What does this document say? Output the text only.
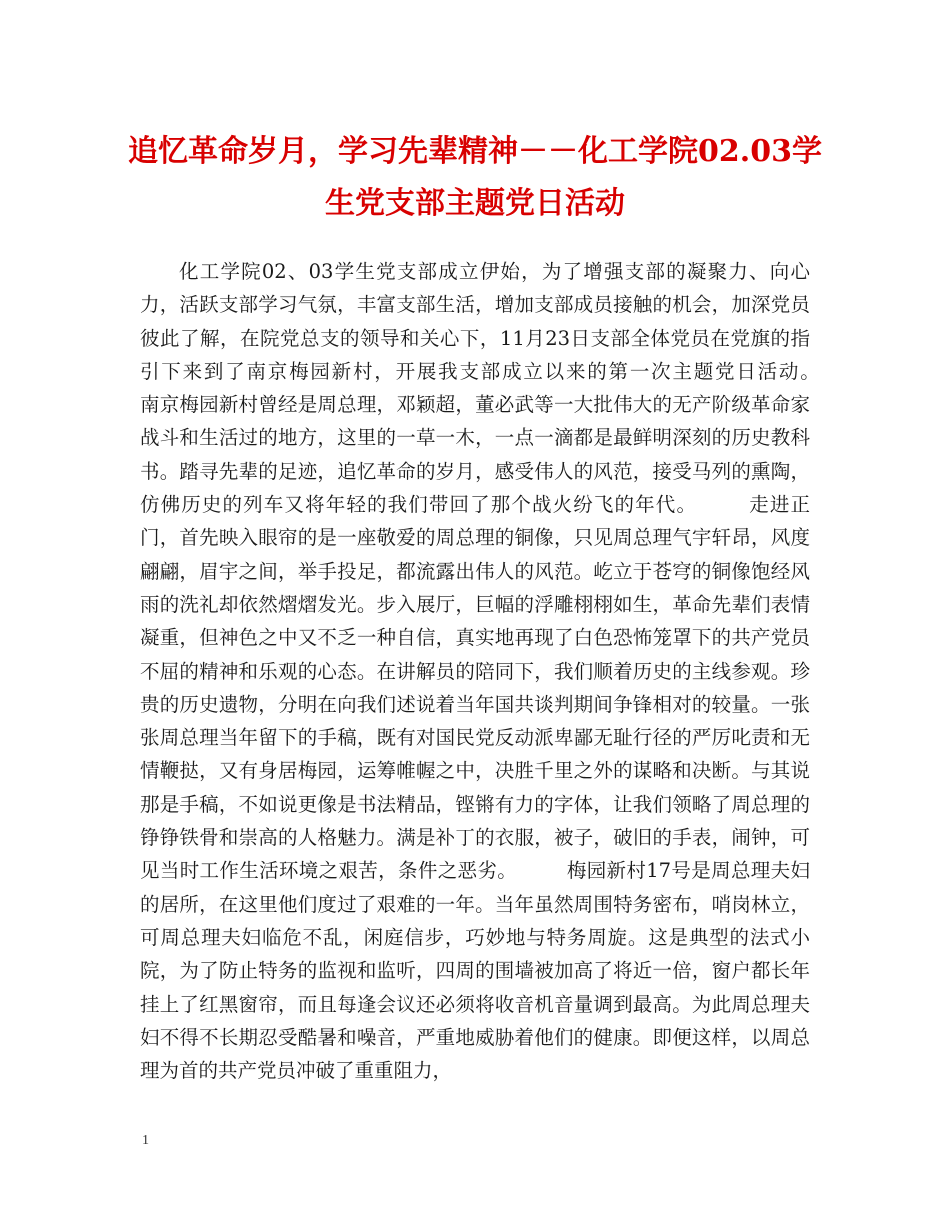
追忆革命岁月，学习先辈精神－－化工学院02.03学生党支部主题党日活动

化工学院02、03学生党支部成立伊始，为了增强支部的凝聚力、向心力，活跃支部学习气氛，丰富支部生活，增加支部成员接触的机会，加深党员彼此了解，在院党总支的领导和关心下，11月23日支部全体党员在党旗的指引下来到了南京梅园新村，开展我支部成立以来的第一次主题党日活动。　　　南京梅园新村曾经是周总理，邓颖超，董必武等一大批伟大的无产阶级革命家战斗和生活过的地方，这里的一草一木，一点一滴都是最鲜明深刻的历史教科书。踏寻先辈的足迹，追忆革命的岁月，感受伟人的风范，接受马列的熏陶，仿佛历史的列车又将年轻的我们带回了那个战火纷飞的年代。　　　走进正门，首先映入眼帘的是一座敬爱的周总理的铜像，只见周总理气宇轩昂，风度翩翩，眉宇之间，举手投足，都流露出伟人的风范。屹立于苍穹的铜像饱经风雨的洗礼却依然熠熠发光。步入展厅，巨幅的浮雕栩栩如生，革命先辈们表情凝重，但神色之中又不乏一种自信，真实地再现了白色恐怖笼罩下的共产党员不屈的精神和乐观的心态。在讲解员的陪同下，我们顺着历史的主线参观。珍贵的历史遗物，分明在向我们述说着当年国共谈判期间争锋相对的较量。一张张周总理当年留下的手稿，既有对国民党反动派卑鄙无耻行径的严厉叱责和无情鞭挞，又有身居梅园，运筹帷幄之中，决胜千里之外的谋略和决断。与其说那是手稿，不如说更像是书法精品，铿锵有力的字体，让我们领略了周总理的铮铮铁骨和崇高的人格魅力。满是补丁的衣服，被子，破旧的手表，闹钟，可见当时工作生活环境之艰苦，条件之恶劣。　　　梅园新村17号是周总理夫妇的居所，在这里他们度过了艰难的一年。当年虽然周围特务密布，哨岗林立，可周总理夫妇临危不乱，闲庭信步，巧妙地与特务周旋。这是典型的法式小院，为了防止特务的监视和监听，四周的围墙被加高了将近一倍，窗户都长年挂上了红黑窗帘，而且每逢会议还必须将收音机音量调到最高。为此周总理夫妇不得不长期忍受酷暑和噪音，严重地威胁着他们的健康。即便这样，以周总理为首的共产党员冲破了重重阻力，

1
